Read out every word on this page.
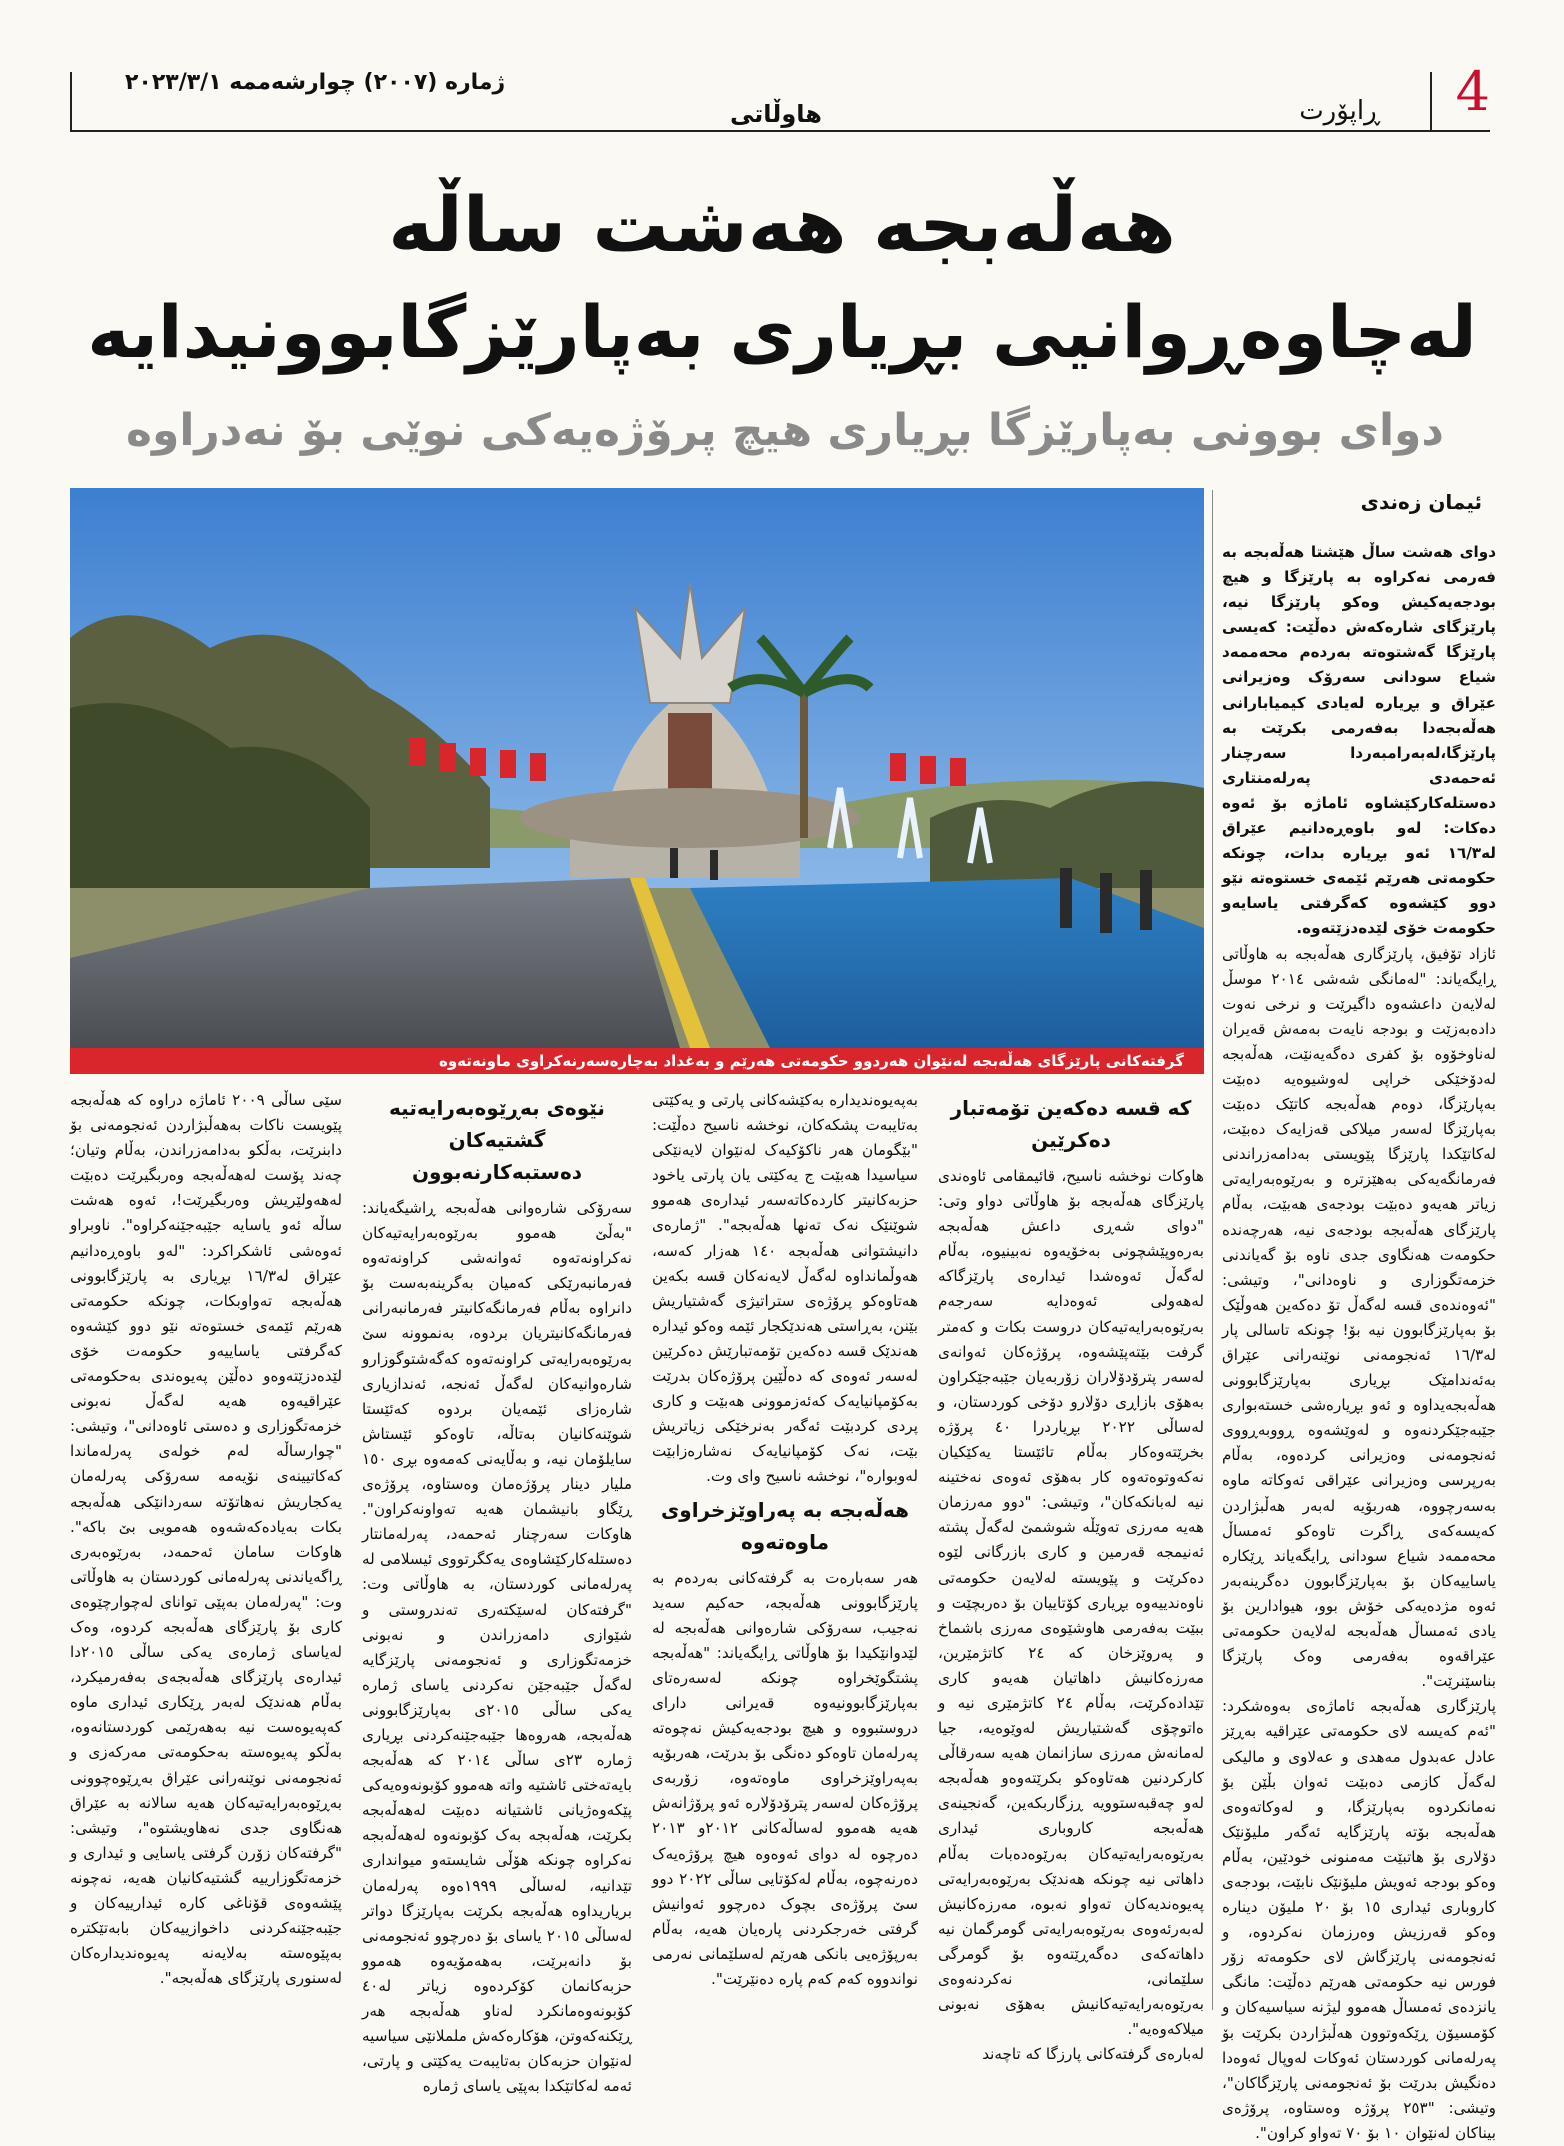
4
ڕاپۆرت
هاوڵاتی
ژمارە (٢٠٠٧) چوارشەممە ٢٠٢٣/٣/١
هەڵەبجە هەشت ساڵە
لەچاوەڕوانیی بڕیاری بەپارێزگابوونیدایە
دوای بوونی بەپارێزگا بڕیاری هیچ پرۆژەیەکی نوێی بۆ نەدراوە
گرفتەکانی پارێزگای هەڵەبجە لەنێوان هەردوو حکومەتی هەرێم و بەغداد بەچارەسەرنەکراوی ماونەتەوە
ئیمان زەندی

دوای هەشت ساڵ هێشتا هەڵەبجە بە فەرمی نەکراوە بە پارێزگا و هیچ بودجەیەکیش وەکو پارێزگا نیە، پارێزگای شارەکەش دەڵێت: کەیسی پارێزگا گەشتوەتە بەردەم محەممەد شیاع سودانی سەرۆک وەزیرانی عێراق و بڕیارە لەیادی کیمیابارانی هەڵەبجەدا بەفەرمی بکرێت بە پارێزگا،لەبەرامبەردا سەرچنار ئەحمەدی پەرلەمنتاری دەستلەکارکێشاوە ئاماژە بۆ ئەوە دەکات: لەو باوەڕەدانیم عێراق لە١٦/٣ ئەو بڕیارە بدات، چونکە حکومەتی هەرێم ئێمەی خستوەتە نێو دوو کێشەوە کەگرفتی یاسایەو حکومەت خۆی لێدەدزێتەوە.

ئازاد تۆفیق، پارێزگاری هەڵەبجە بە هاوڵاتی ڕایگەیاند: "لەمانگی شەشی ٢٠١٤ موسڵ لەلایەن داعشەوە داگیرێت و نرخی نەوت دادەبەزێت و بودجە نایەت بەمەش قەیران لەناوخۆوە بۆ کفری دەگەیەنێت، هەڵەبجە لەدۆخێکی خراپی لەوشیوەیە دەبێت بەپارێزگا، دوەم هەڵەبجە کاتێک دەبێت بەپارێزگا لەسەر میلاکی قەزایەک دەبێت، لەکاتێکدا پارێزگا پێویستی بەدامەزراندنی فەرمانگەیەکی بەهێزترە و بەرێوەبەرایەتی زیاتر هەیەو دەبێت بودجەی هەبێت، بەڵام پارێزگای هەڵەبجە بودجەی نیە، هەرچەندە حکومەت هەنگاوی جدی ناوە بۆ گەیاندنی خزمەتگوزاری و ناوەدانی"، وتیشی: "ئەوەندەی قسە لەگەڵ تۆ دەکەین هەوڵێک بۆ بەپارێزگابوون نیە بۆ! چونکە تاسالی پار لە١٦/٣ ئەنجومەنی نوێنەرانی عێراق بەئەندامێک بڕیاری بەپارێزگابوونی هەڵەبجەیداوە و ئەو بڕیارەشی خستەبواری جێبەجێکردنەوە و لەوێشەوە ڕووبەڕووی ئەنجومەنی وەزیرانی کردەوە، بەڵام بەرپرسی وەزیرانی عێراقی ئەوکاتە ماوە بەسەرچووە، هەربۆیە لەبەر هەڵبژاردن کەیسەکەی ڕاگرت تاوەکو ئەمساڵ محەممەد شیاع سودانی ڕایگەیاند ڕێکارە یاساییەکان بۆ بەپارێزگابوون دەگرینەبەر ئەوە مژدەیەکی خۆش بوو، هیوادارین بۆ یادی ئەمساڵ هەڵەبجە لەلایەن حکومەتی عێراقەوە بەفەرمی وەک پارێزگا بناسێنرێت".

پارێزگاری هەڵەبجە ئاماژەی بەوەشکرد: "ئەم کەیسە لای حکومەتی عێراقیە بەڕێز عادل عەبدول مەهدی و عەلاوی و مالیکی لەگەڵ کازمی دەبێت ئەوان بڵێن بۆ نەمانکردوە بەپارێزگا، و لەوکاتەوەی هەڵەبجە بۆتە پارێزگایە ئەگەر ملیۆنێک دۆلاری بۆ هاتبێت مەمنونی خودێین، بەڵام وەکو بودجە ئەویش ملیۆنێک نابێت، بودجەی کاروباری ئیداری ١٥ بۆ ٢٠ ملیۆن دینارە وەکو قەرزیش وەرزمان نەکردوە، و ئەنجومەنی پارێزگاش لای حکومەتە زۆر فورس نیە حکومەتی هەرێم دەڵێت: مانگی یانزدەی ئەمساڵ هەموو لیژنە سیاسیەکان و کۆمسیۆن ڕێکەوتوون هەڵبژاردن بکرێت بۆ پەرلەمانی کوردستان ئەوکات لەوپال ئەوەدا دەنگیش بدرێت بۆ ئەنجومەنی پارێزگاکان"، وتیشی: "٢٥٣ پرۆژە وەستاوە، پرۆژەی بیناکان لەنێوان ١٠ بۆ ٧٠ تەواو کراون".

کە قسە دەکەین تۆمەتبار دەکرێین

هاوکات نوخشە ناسیح، قائیمقامی ئاوەندی پارێزگای هەڵەبجە بۆ هاوڵاتی دواو وتی: "دوای شەڕی داعش هەڵەبجە بەرەوپێشچونی بەخۆیەوە نەبینیوە، بەڵام لەگەڵ ئەوەشدا ئیدارەی پارێزگاکە لەهەولی ئەوەدایە سەرجەم بەرێوەبەرایەتیەکان دروست بکات و کەمتر گرفت بێتەپێشەوە، پرۆژەکان ئەوانەی لەسەر پترۆدۆلاران زۆربەیان جێبەجێکراون بەهۆی بازاڕی دۆلارو دۆخی کوردستان، و لەساڵی ٢٠٢٢ بڕیاردرا ٤٠ پرۆژە بخرێتەوەکار بەڵام تائێستا یەکێکیان نەکەوتوەتەوە کار بەهۆی ئەوەی نەختینە نیە لەبانکەکان"، وتیشی: "دوو مەرزمان هەیە مەرزی تەوێڵە شوشمێ لەگەڵ پشتە ئەنیمجە قەرمین و کاری بازرگانی لێوە دەکرێت و پێویستە لەلایەن حکومەتی ناوەندییەوە بڕیاری کۆتاییان بۆ دەربچێت و ببێت بەفەرمی هاوشێوەی مەرزی باشماخ و پەروێزخان کە ٢٤ کاتژمێرین، مەرزەکانیش داهاتیان هەیەو کاری تێدادەکرێت، بەڵام ٢٤ کاتژمێری نیە و ەاتوچۆی گەشتیاریش لەوێوەیە، جیا لەمانەش مەرزی سازانمان هەیە سەرقاڵی کارکردنین هەتاوەکو بکرێتەوەو هەڵەبجە لەو چەقبەستوویە ڕزگاربکەین، گەنجینەی هەڵەبجە کاروباری ئیداری بەرێوەبەرایەتیەکان بەرێوەدەبات بەڵام داهاتی نیە چونکە هەندێک بەرێوەبەرایەتی پەیوەندیەکان تەواو نەبوە، مەرزەکانیش لەبەرئەوەی بەرێوەبەرایەتی گومرگمان نیە داهاتەکەی دەگەڕێتەوە بۆ گومرگی سلێمانی، نەکردنەوەی بەرێوەبەرایەتیەکانیش بەهۆی نەبونی میلاکەوەیە".

لەبارەی گرفتەکانی پارزگا کە تاچەند

بەپەیوەندیدارە بەکێشەکانی پارتی و یەکێتی بەتایبەت پشکەکان، نوخشە ناسیح دەڵێت: "بێگومان هەر ناکۆکیەک لەنێوان لایەنێکی سیاسیدا هەبێت ج یەکێتی یان پارتی یاخود حزبەکانیتر کاردەکاتەسەر ئیدارەی هەموو شوێنێک نەک تەنها هەڵەبجە". "ژمارەی دانیشتوانی هەڵەبجە ١٤٠ هەزار کەسە، هەوڵمانداوە لەگەڵ لایەنەکان قسە بکەین هەتاوەکو پرۆژەی ستراتیژی گەشتیاریش بێنن، بەڕاستی هەندێکجار ئێمە وەکو ئیدارە هەندێک قسە دەکەین تۆمەتبارێش دەکرێین لەسەر ئەوەی کە دەڵێین پرۆژەکان بدرێت بەکۆمپانیایەک کەئەزموونی هەبێت و کاری پردی کردبێت ئەگەر بەنرخێکی زیاتریش بێت، نەک کۆمپانیایەک نەشارەزابێت لەوبوارە"، نوخشە ناسیح وای وت.

هەڵەبجە بە پەراوێزخراوی ماوەتەوە

هەر سەبارەت بە گرفتەکانی بەردەم بە پارێزگابوونی هەڵەبجە، حەکیم سەید نەجیب، سەرۆکی شارەوانی هەڵەبجە لە لێدوانێکیدا بۆ هاوڵاتی ڕایگەیاند: "هەڵەبجە پشتگوێخراوە چونکە لەسەرەتای بەپارێزگابوونیەوە قەیرانی دارای دروستبووە و هیچ بودجەیەکیش نەچوەتە پەرلەمان تاوەکو دەنگی بۆ بدرێت، هەربۆیە بەپەراوێزخراوی ماوەتەوە، زۆربەی پرۆژەکان لەسەر پترۆدۆلارە ئەو پرۆژانەش هەیە هەموو لەساڵەکانی ٢٠١٢و ٢٠١٣ دەرچوە لە دوای ئەوەوە هیچ پرۆژەیەک دەرنەچوە، بەڵام لەکۆتایی ساڵی ٢٠٢٢ دوو سێ پرۆژەی بچوک دەرچوو ئەوانیش گرفتی خەرجکردنی پارەیان هەیە، بەڵام بەرپۆژەیی بانکی هەرێم لەسلێمانی نەرمی نواندووە کەم کەم پارە دەنێرێت".

نێوەی بەڕێوەبەرایەتیە گشتیەکان دەستبەکارنەبوون

سەرۆکی شارەوانی هەڵەبجە ڕاشیگەیاند: "بەڵێ هەموو بەرێوەبەرایەتیەکان نەکراونەتەوە ئەوانەشی کراونەتەوە فەرمانبەرێکی کەمیان بەگرینەبەست بۆ دانراوە بەڵام فەرمانگەکانیتر فەرمانبەرانی فەرمانگەکانیتریان بردوە، بەنموونە سێ بەرێوەبەرایەتی کراونەتەوە کەگەشتوگوزارو شارەوانیەکان لەگەڵ ئەنجە، ئەندازیاری شارەزای ئێمەیان بردوە کەئێستا شوێنەکانیان بەتاڵە، تاوەکو ئێستاش سایلۆمان نیە، و بەڵایەنی کەمەوە بڕی ١٥٠ ملیار دینار پرۆژەمان وەستاوە، پرۆژەی ڕێگاو بانیشمان هەیە تەواونەکراون". هاوکات سەرچنار ئەحمەد، پەرلەمانتار دەستلەکارکێشاوەی یەکگرتووی ئیسلامی لە پەرلەمانی کوردستان، بە هاوڵاتی وت: "گرفتەکان لەسێکتەری تەندروستی و شێوازی دامەزراندن و نەبونی خزمەتگوزاری و ئەنجومەنی پارێزگایە لەگەڵ جێبەجێن نەکردنی یاسای ژمارە یەکی ساڵی ٢٠١٥ی بەپارێزگابوونی هەڵەبجە، هەروەها جێبەجێنەکردنی بڕیاری ژمارە ٢٣ی ساڵی ٢٠١٤ کە هەڵەبجە بایەتەختی ئاشتیە واتە هەموو کۆبونەوەیەکی پێکەوەژیانی ئاشتیانە دەبێت لەهەڵەبجە بکرێت، هەڵەبجە بەک کۆبونەوە لەهەڵەبجە نەکراوە چونکە هۆڵی شایستەو میوانداری تێدانیە، لەساڵی ١٩٩٩ەوە پەرلەمان بریاریداوە هەڵەبجە بکرێت بەپارێزگا دواتر لەساڵی ٢٠١٥ یاسای بۆ دەرچوو ئەنجومەنی بۆ دانەبرێت، بەهەمۆیەوە هەموو حزبەکانمان کۆکردەوە زیاتر لە٤٠ کۆبونەوەمانکرد لەناو هەڵەبجە هەر ڕێکنەکەوتن، هۆکارەکەش ململانێی سیاسیە لەنێوان حزبەکان بەتایبەت یەکێتی و پارتی، ئەمە لەکاتێکدا بەپێی یاسای ژمارە

سێی ساڵی ٢٠٠٩ ئاماژە دراوە کە هەڵەبجە پێویست ناکات بەهەڵبژاردن ئەنجومەنی بۆ دابنرێت، بەڵکو بەدامەزراندن، بەڵام وتیان؛ چەند پۆست لەهەڵەبجە وەربگیرێت دەبێت لەهەولێریش وەربگیرێت!، ئەوە هەشت ساڵە ئەو یاسایە جێبەجێنەکراوە". ناوبراو ئەوەشی ئاشکراکرد: "لەو باوەڕەدانیم عێراق لە١٦/٣ بڕیاری بە پارێزگابوونی هەڵەبجە تەواوبکات، چونکە حکومەتی هەرێم ئێمەی خستوەتە نێو دوو کێشەوە کەگرفتی یاساییەو حکومەت خۆی لێدەدزێتەوەو دەڵێن پەیوەندی بەحکومەتی عێراقیەوە هەیە لەگەڵ نەبونی خزمەتگوزاری و دەستی ئاوەدانی"، وتیشی: "چوارساڵە لەم خولەی پەرلەماندا کەکاتیینەی نۆیەمە سەرۆکی پەرلەمان یەکجاریش نەهاتۆتە سەردانێکی هەڵەبجە بکات بەیادەکەشەوە هەمویی بێ باکە". هاوکات سامان ئەحمەد، بەرێوەبەری ڕاگەیاندنی پەرلەمانی کوردستان بە هاوڵاتی وت: "پەرلەمان بەپێی توانای لەچوارچێوەی کاری بۆ پارێزگای هەڵەبجە کردوە، وەک لەیاسای ژمارەی یەکی ساڵی ٢٠١٥دا ئیدارەی پارێزگای هەڵەبجەی بەفەرمیکرد، بەڵام هەندێک لەبەر ڕێکاری ئیداری ماوە کەپەیوەست نیە بەهەرێمی کوردستانەوە، بەڵکو پەیوەستە بەحکومەتی مەرکەزی و ئەنجومەنی نوێنەرانی عێراق بەڕێوەچوونی بەڕێوەبەرایەتیەکان هەیە سالانە بە عێراق هەنگاوی جدی نەهاویشتوە"، وتیشی: "گرفتەکان زۆرن گرفتی یاسایی و ئیداری و خزمەتگوزارییە گشتیەکانیان هەیە، نەچونە پێشەوەی قۆناغی کارە ئیدارییەکان و جێبەجێنەکردنی داخوازییەکان بابەتێکترە بەپێوەستە بەلایەنە پەیوەندیدارەکان لەسنوری پارێزگای هەڵەبجە".
